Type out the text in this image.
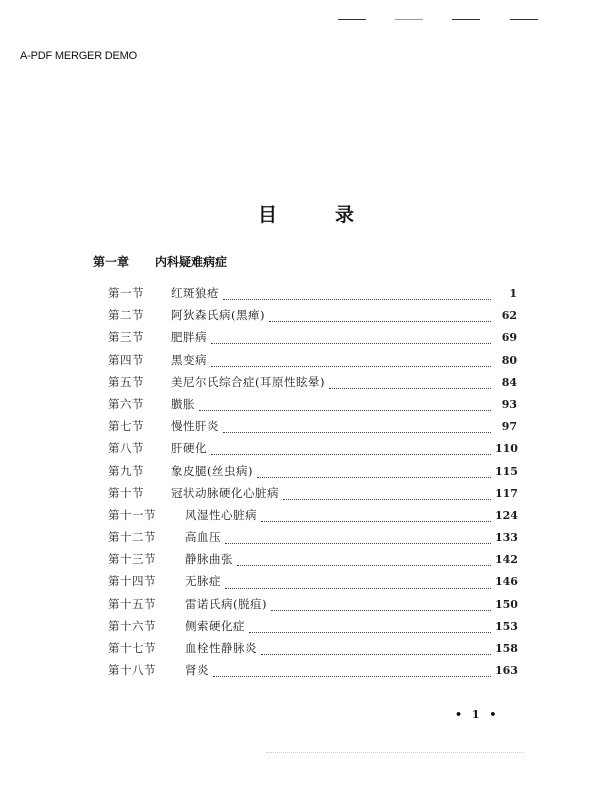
A-PDF MERGER DEMO
目	录
第一章 内科疑难病症
第一节	红斑狼疮	1
第二节	阿狄森氏病(黑瘅)	62
第三节	肥胖病	69
第四节	黑变病	80
第五节	美尼尔氏综合症(耳原性眩晕)	84
第六节	臌胀	93
第七节	慢性肝炎	97
第八节	肝硬化	110
第九节	象皮腿(丝虫病)	115
第十节	冠状动脉硬化心脏病	117
第十一节	风湿性心脏病	124
第十二节	高血压	133
第十三节	静脉曲张	142
第十四节	无脉症	146
第十五节	雷诺氏病(脱疽)	150
第十六节	侧索硬化症	153
第十七节	血栓性静脉炎	158
第十八节	肾炎	163
• 1 •
